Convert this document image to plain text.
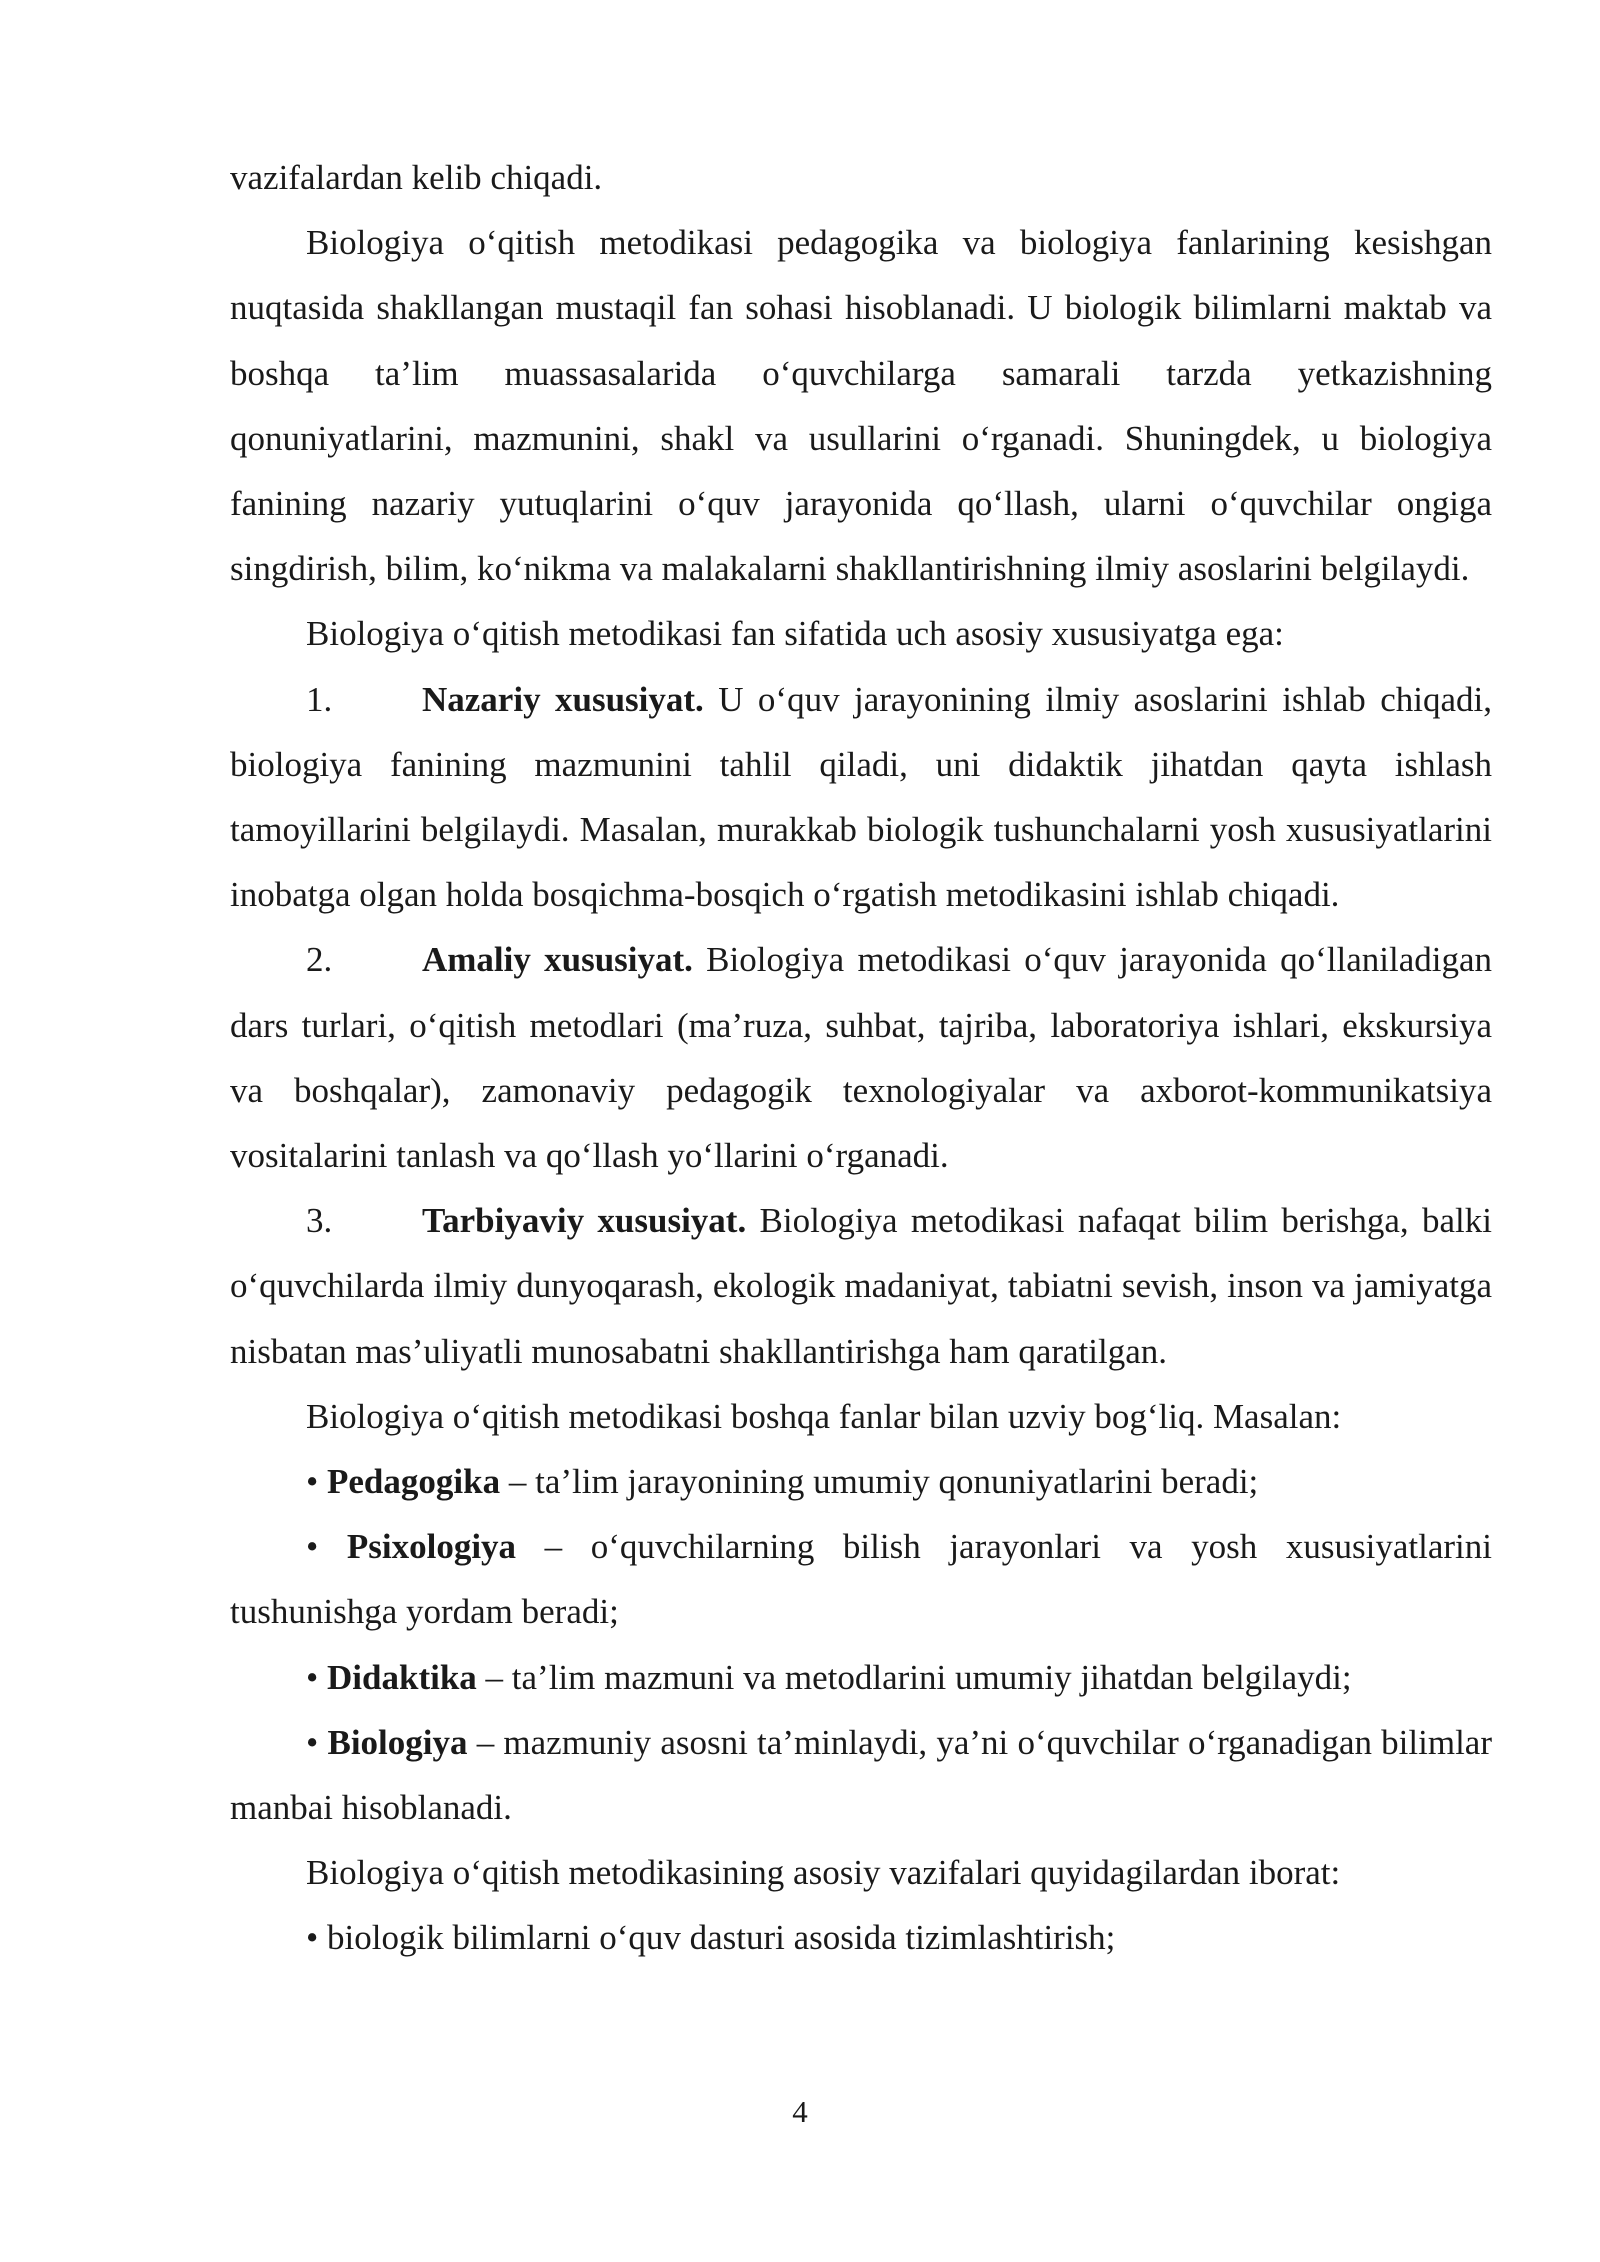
vazifalardan kelib chiqadi.

Biologiya o‘qitish metodikasi pedagogika va biologiya fanlarining kesishgan nuqtasida shakllangan mustaqil fan sohasi hisoblanadi. U biologik bilimlarni maktab va boshqa ta’lim muassasalarida o‘quvchilarga samarali tarzda yetkazishning qonuniyatlarini, mazmunini, shakl va usullarini o‘rganadi. Shuningdek, u biologiya fanining nazariy yutuqlarini o‘quv jarayonida qo‘llash, ularni o‘quvchilar ongiga singdirish, bilim, ko‘nikma va malakalarni shakllantirishning ilmiy asoslarini belgilaydi.

Biologiya o‘qitish metodikasi fan sifatida uch asosiy xususiyatga ega:

1.	Nazariy xususiyat. U o‘quv jarayonining ilmiy asoslarini ishlab chiqadi, biologiya fanining mazmunini tahlil qiladi, uni didaktik jihatdan qayta ishlash tamoyillarini belgilaydi. Masalan, murakkab biologik tushunchalarni yosh xususiyatlarini inobatga olgan holda bosqichma-bosqich o‘rgatish metodikasini ishlab chiqadi.

2.	Amaliy xususiyat. Biologiya metodikasi o‘quv jarayonida qo‘llaniladigan dars turlari, o‘qitish metodlari (ma’ruza, suhbat, tajriba, laboratoriya ishlari, ekskursiya va boshqalar), zamonaviy pedagogik texnologiyalar va axborot-kommunikatsiya vositalarini tanlash va qo‘llash yo‘llarini o‘rganadi.

3.	Tarbiyaviy xususiyat. Biologiya metodikasi nafaqat bilim berishga, balki o‘quvchilarda ilmiy dunyoqarash, ekologik madaniyat, tabiatni sevish, inson va jamiyatga nisbatan mas’uliyatli munosabatni shakllantirishga ham qaratilgan.

Biologiya o‘qitish metodikasi boshqa fanlar bilan uzviy bog‘liq. Masalan:

• Pedagogika – ta’lim jarayonining umumiy qonuniyatlarini beradi;

• Psixologiya – o‘quvchilarning bilish jarayonlari va yosh xususiyatlarini tushunishga yordam beradi;

• Didaktika – ta’lim mazmuni va metodlarini umumiy jihatdan belgilaydi;

• Biologiya – mazmuniy asosni ta’minlaydi, ya’ni o‘quvchilar o‘rganadigan bilimlar manbai hisoblanadi.

Biologiya o‘qitish metodikasining asosiy vazifalari quyidagilardan iborat:

• biologik bilimlarni o‘quv dasturi asosida tizimlashtirish;

4
